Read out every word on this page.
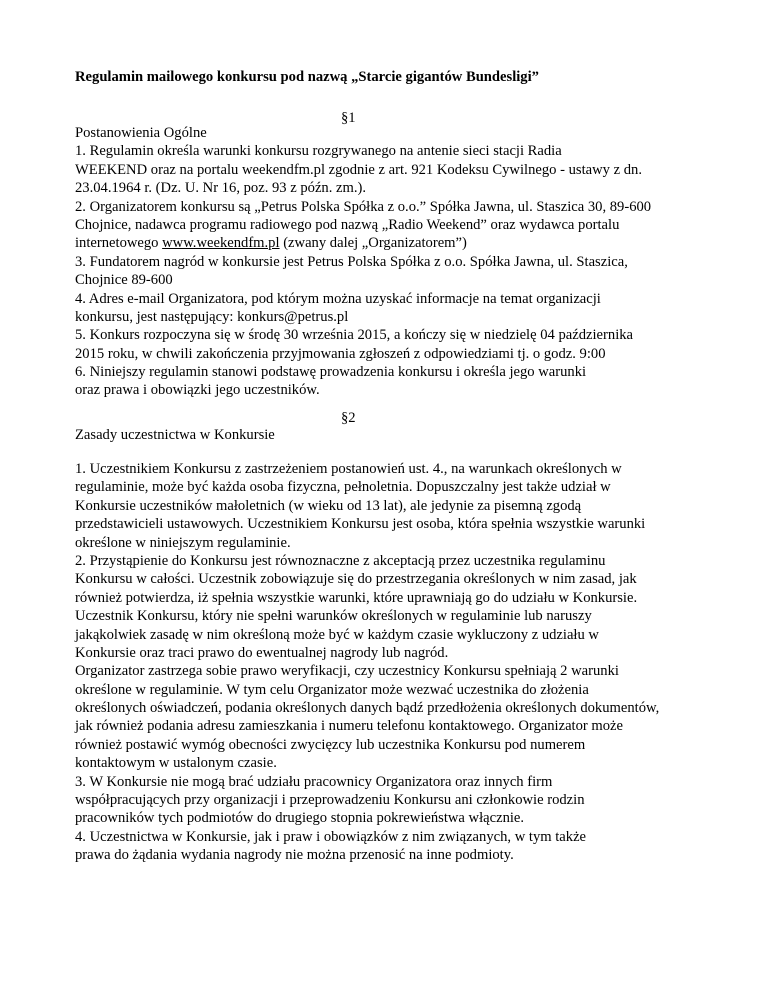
Regulamin mailowego konkursu pod nazwą „Starcie gigantów Bundesligi”
§1
Postanowienia Ogólne
1. Regulamin określa warunki konkursu rozgrywanego na antenie sieci stacji Radia
WEEKEND oraz na portalu weekendfm.pl zgodnie z art. 921 Kodeksu Cywilnego - ustawy z dn.
23.04.1964 r. (Dz. U. Nr 16, poz. 93 z późn. zm.).
2. Organizatorem konkursu są „Petrus Polska Spółka z o.o.” Spółka Jawna, ul. Staszica 30, 89-600
Chojnice, nadawca programu radiowego pod nazwą „Radio Weekend” oraz wydawca portalu
internetowego www.weekendfm.pl (zwany dalej „Organizatorem”)
3. Fundatorem nagród w konkursie jest Petrus Polska Spółka z o.o. Spółka Jawna, ul. Staszica,
Chojnice 89-600
4. Adres e-mail Organizatora, pod którym można uzyskać informacje na temat organizacji
konkursu, jest następujący: konkurs@petrus.pl
5. Konkurs rozpoczyna się w środę 30 września 2015, a kończy się w niedzielę 04 października
2015 roku, w chwili zakończenia przyjmowania zgłoszeń z odpowiedziami tj. o godz. 9:00
6. Niniejszy regulamin stanowi podstawę prowadzenia konkursu i określa jego warunki
oraz prawa i obowiązki jego uczestników.
§2
Zasady uczestnictwa w Konkursie
1. Uczestnikiem Konkursu z zastrzeżeniem postanowień ust. 4., na warunkach określonych w
regulaminie, może być każda osoba fizyczna, pełnoletnia. Dopuszczalny jest także udział w
Konkursie uczestników małoletnich (w wieku od 13 lat), ale jedynie za pisemną zgodą
przedstawicieli ustawowych. Uczestnikiem Konkursu jest osoba, która spełnia wszystkie warunki
określone w niniejszym regulaminie.
2. Przystąpienie do Konkursu jest równoznaczne z akceptacją przez uczestnika regulaminu
Konkursu w całości. Uczestnik zobowiązuje się do przestrzegania określonych w nim zasad, jak
również potwierdza, iż spełnia wszystkie warunki, które uprawniają go do udziału w Konkursie.
Uczestnik Konkursu, który nie spełni warunków określonych w regulaminie lub naruszy
jakąkolwiek zasadę w nim określoną może być w każdym czasie wykluczony z udziału w
Konkursie oraz traci prawo do ewentualnej nagrody lub nagród.
Organizator zastrzega sobie prawo weryfikacji, czy uczestnicy Konkursu spełniają 2 warunki
określone w regulaminie. W tym celu Organizator może wezwać uczestnika do złożenia
określonych oświadczeń, podania określonych danych bądź przedłożenia określonych dokumentów,
jak również podania adresu zamieszkania i numeru telefonu kontaktowego. Organizator może
również postawić wymóg obecności zwycięzcy lub uczestnika Konkursu pod numerem
kontaktowym w ustalonym czasie.
3. W Konkursie nie mogą brać udziału pracownicy Organizatora oraz innych firm
współpracujących przy organizacji i przeprowadzeniu Konkursu ani członkowie rodzin
pracowników tych podmiotów do drugiego stopnia pokrewieństwa włącznie.
4. Uczestnictwa w Konkursie, jak i praw i obowiązków z nim związanych, w tym także
prawa do żądania wydania nagrody nie można przenosić na inne podmioty.
